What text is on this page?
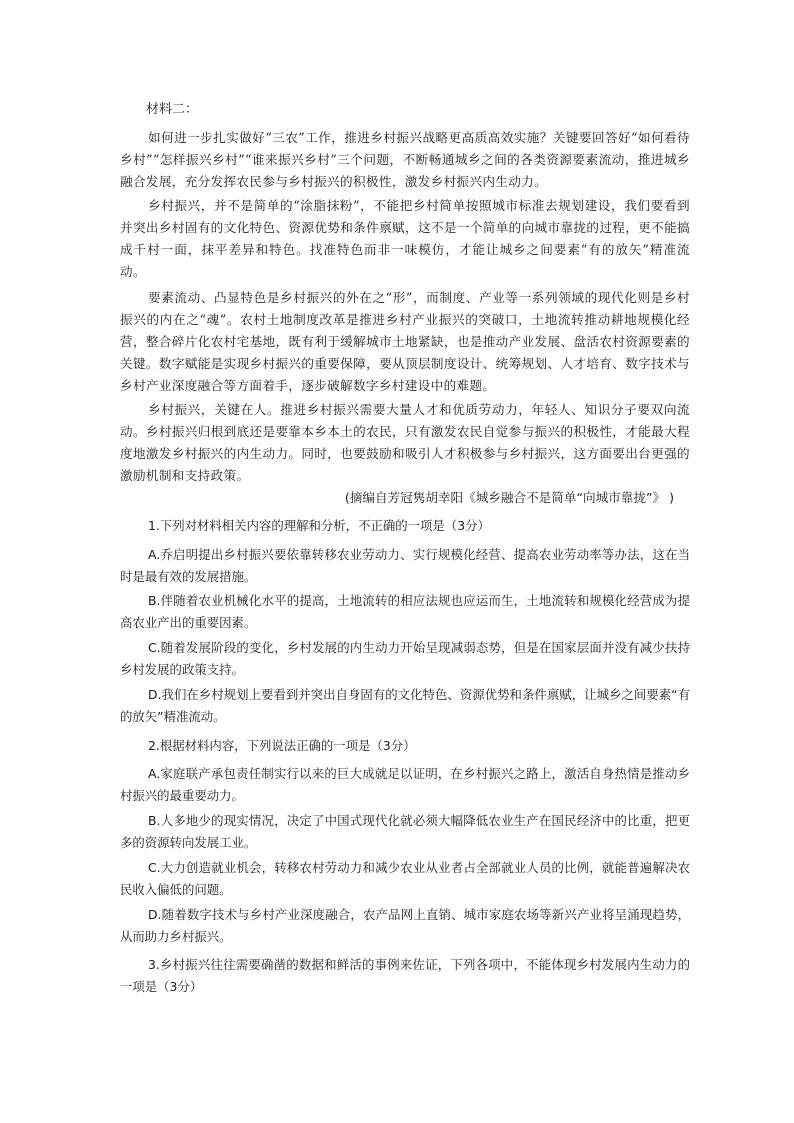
材料二：

如何进一步扎实做好“三农”工作，推进乡村振兴战略更高质高效实施？关键要回答好“如何看待乡村”“怎样振兴乡村”“谁来振兴乡村”三个问题，不断畅通城乡之间的各类资源要素流动，推进城乡融合发展，充分发挥农民参与乡村振兴的积极性，激发乡村振兴内生动力。

乡村振兴，并不是简单的“涂脂抹粉”，不能把乡村简单按照城市标准去规划建设，我们要看到并突出乡村固有的文化特色、资源优势和条件禀赋，这不是一个简单的向城市靠拢的过程，更不能搞成千村一面，抹平差异和特色。找准特色而非一味模仿，才能让城乡之间要素“有的放矢”精准流动。

要素流动、凸显特色是乡村振兴的外在之“形”，而制度、产业等一系列领域的现代化则是乡村振兴的内在之“魂”。农村土地制度改革是推进乡村产业振兴的突破口，土地流转推动耕地规模化经营，整合碎片化农村宅基地，既有利于缓解城市土地紧缺，也是推动产业发展、盘活农村资源要素的关键。数字赋能是实现乡村振兴的重要保障，要从顶层制度设计、统筹规划、人才培育、数字技术与乡村产业深度融合等方面着手，逐步破解数字乡村建设中的难题。

乡村振兴，关键在人。推进乡村振兴需要大量人才和优质劳动力，年轻人、知识分子要双向流动。乡村振兴归根到底还是要靠本乡本土的农民，只有激发农民自觉参与振兴的积极性，才能最大程度地激发乡村振兴的内生动力。同时，也要鼓励和吸引人才积极参与乡村振兴，这方面要出台更强的激励机制和支持政策。

(摘编自芳冠隽胡幸阳《城乡融合不是简单“向城市靠拢”》 )

1.下列对材料相关内容的理解和分析，不正确的一项是（3分）

A.乔启明提出乡村振兴要依靠转移农业劳动力、实行规模化经营、提高农业劳动率等办法，这在当时是最有效的发展措施。

B.伴随着农业机械化水平的提高，土地流转的相应法规也应运而生，土地流转和规模化经营成为提高农业产出的重要因素。

C.随着发展阶段的变化，乡村发展的内生动力开始呈现减弱态势，但是在国家层面并没有减少扶持乡村发展的政策支持。

D.我们在乡村规划上要看到并突出自身固有的文化特色、资源优势和条件禀赋，让城乡之间要素“有的放矢”精准流动。

2.根据材料内容，下列说法正确的一项是（3分）

A.家庭联产承包责任制实行以来的巨大成就足以证明，在乡村振兴之路上，激活自身热情是推动乡村振兴的最重要动力。

B.人多地少的现实情况，决定了中国式现代化就必须大幅降低农业生产在国民经济中的比重，把更多的资源转向发展工业。

C.大力创造就业机会，转移农村劳动力和减少农业从业者占全部就业人员的比例，就能普遍解决农民收入偏低的问题。

D.随着数字技术与乡村产业深度融合，农产品网上直销、城市家庭农场等新兴产业将呈涌现趋势，从而助力乡村振兴。

3.乡村振兴往往需要确凿的数据和鲜活的事例来佐证，下列各项中，不能体现乡村发展内生动力的一项是（3分）
